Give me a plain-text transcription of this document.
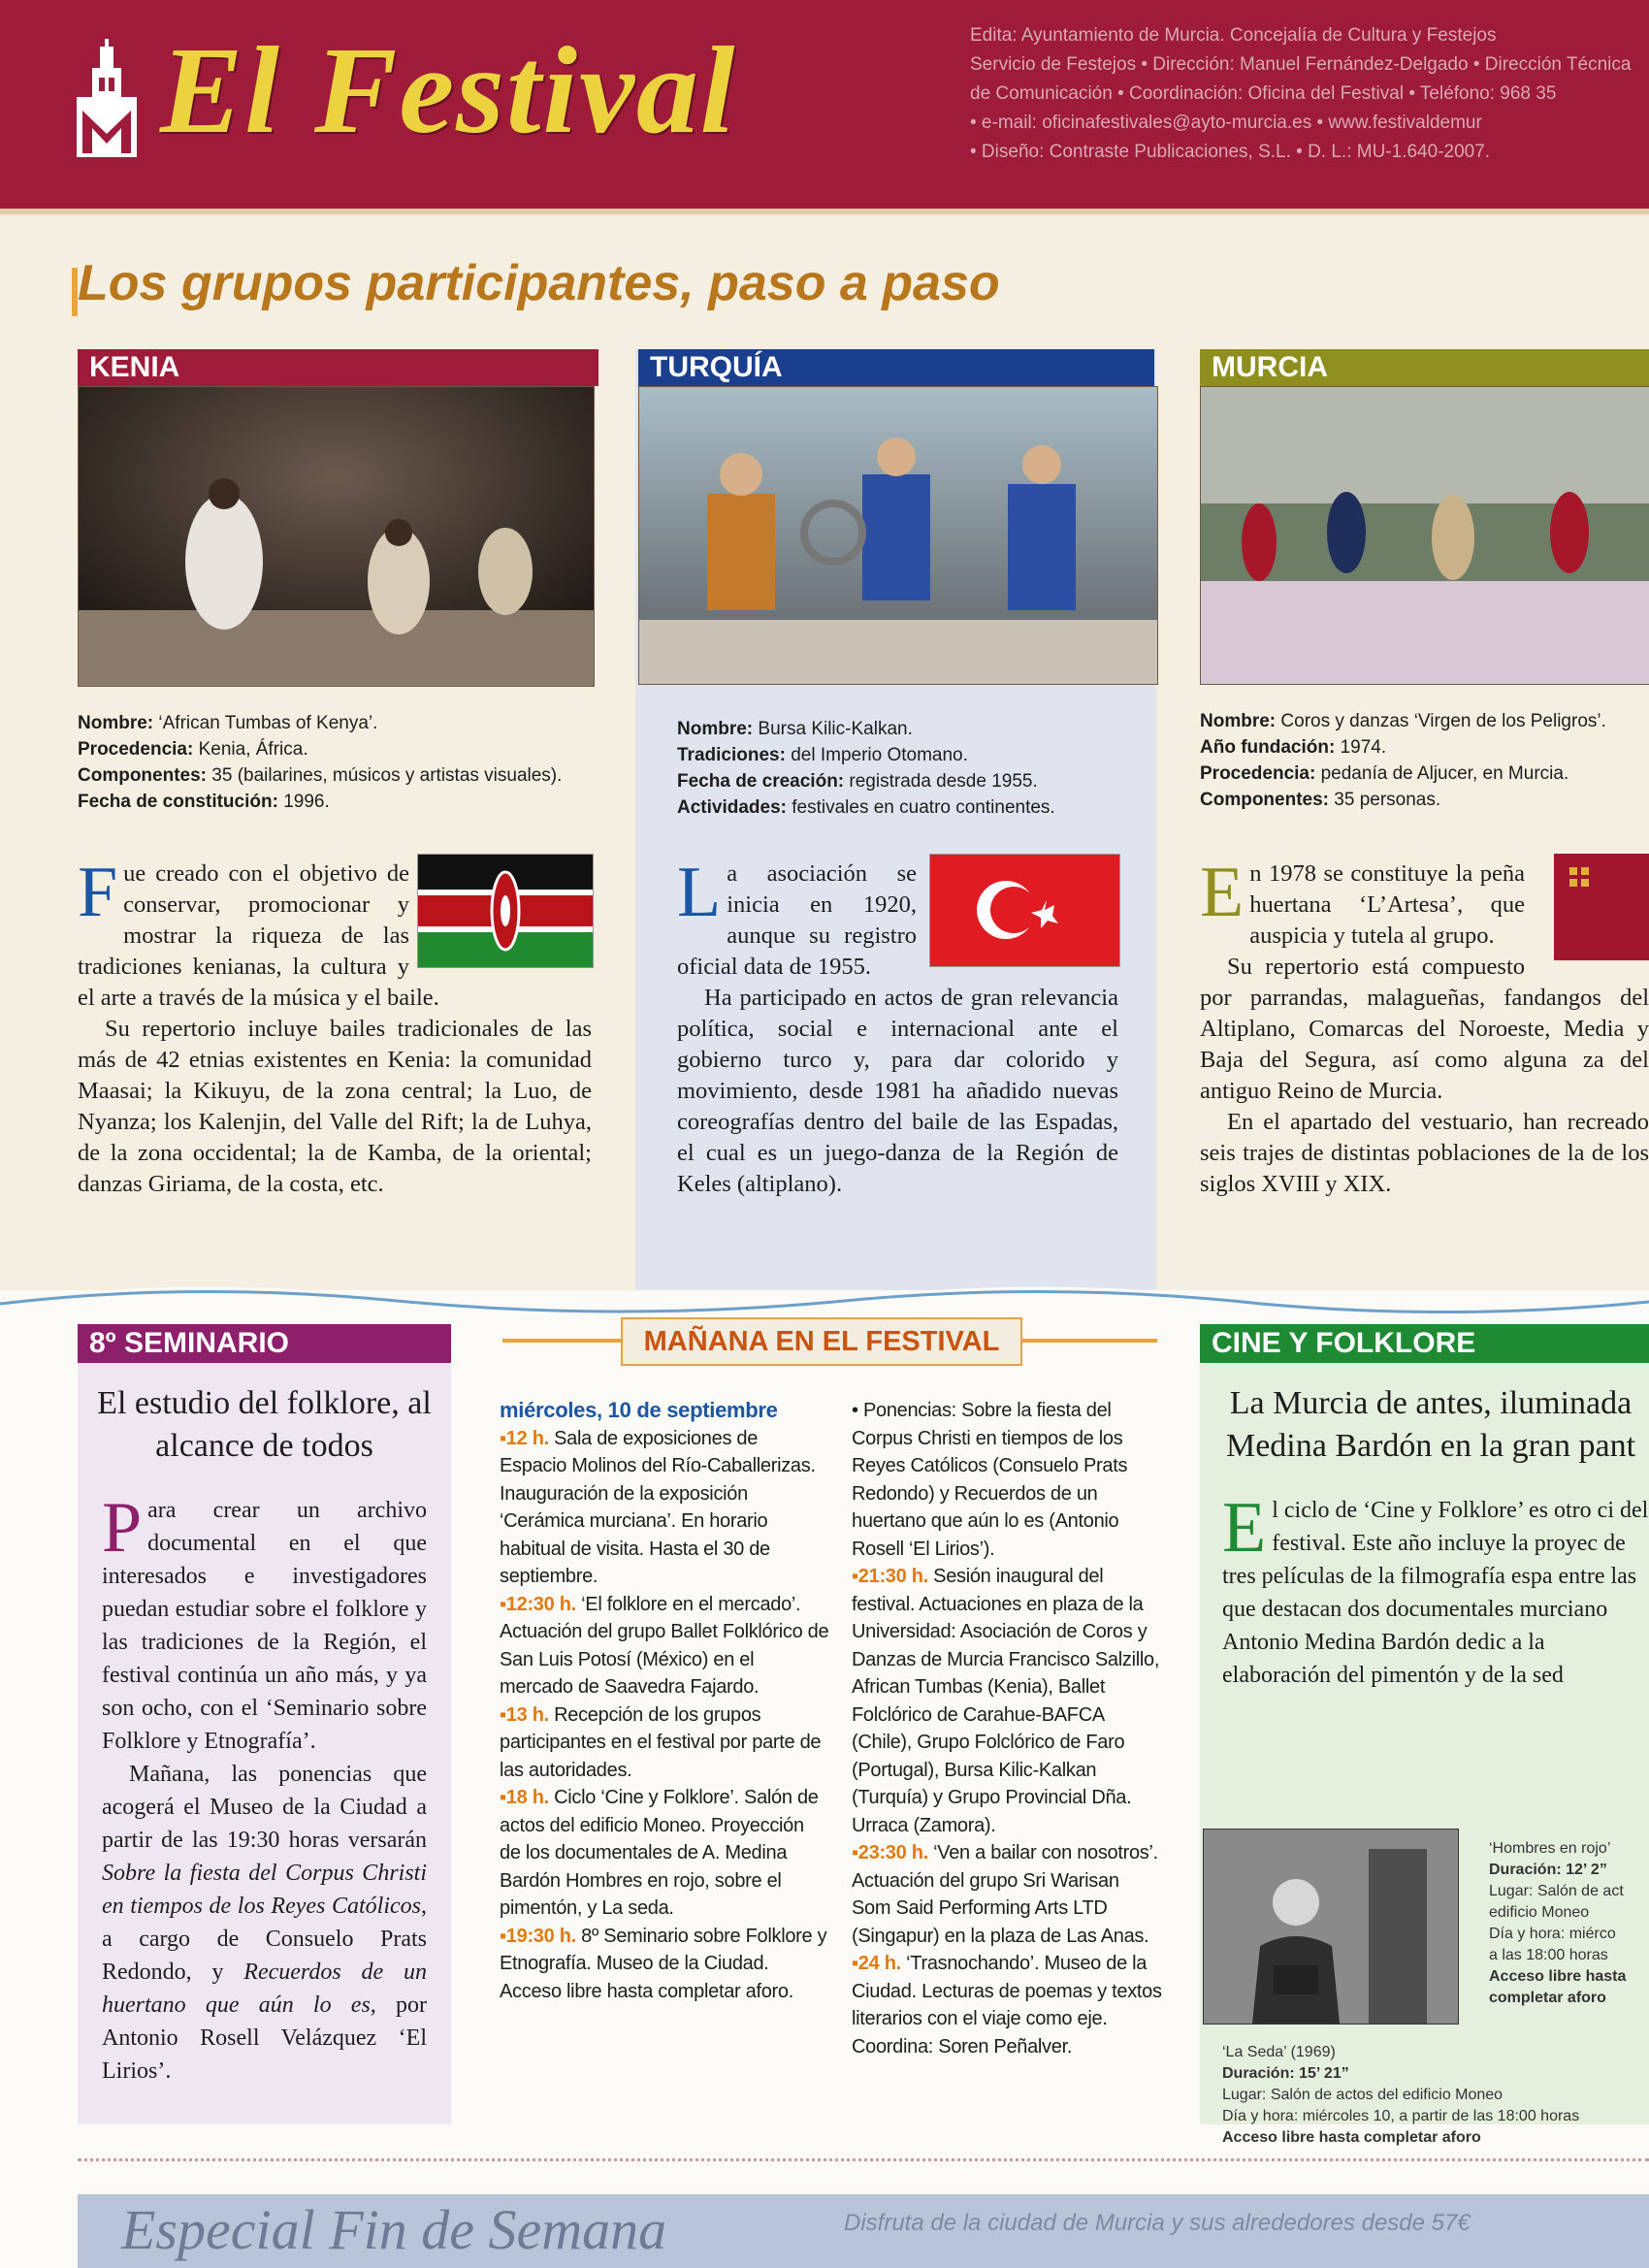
El Festival	Edita: Ayuntamiento de Murcia. Concejalía de Cultura y Festejos
Servicio de Festejos • Dirección: Manuel Fernández-Delgado • Dirección Técnica
de Comunicación • Coordinación: Oficina del Festival • Teléfono: 968 35
• e-mail: oficinafestivales@ayto-murcia.es • www.festivaldemur
• Diseño: Contraste Publicaciones, S.L. • D. L.: MU-1.640-2007.
Los grupos participantes, paso a paso
KENIA
Nombre: ‘African Tumbas of Kenya’.
Procedencia: Kenia, África.
Componentes: 35 (bailarines, músicos y artistas visuales).
Fecha de constitución: 1996.

Fue creado con el objetivo de conservar, promocionar y mostrar la riqueza de las tradiciones kenianas, la cultura y el arte a través de la música y el baile.

Su repertorio incluye bailes tradicionales de las más de 42 etnias existentes en Kenia: la comunidad Maasai; la Kikuyu, de la zona central; la Luo, de Nyanza; los Kalenjin, del Valle del Rift; la de Luhya, de la zona occidental; la de Kamba, de la oriental; danzas Giriama, de la costa, etc.

TURQUÍA
Nombre: Bursa Kilic-Kalkan.
Tradiciones: del Imperio Otomano.
Fecha de creación: registrada desde 1955.
Actividades: festivales en cuatro continentes.

La asociación se inicia en 1920, aunque su registro oficial data de 1955.

Ha participado en actos de gran relevancia política, social e internacional ante el gobierno turco y, para dar colorido y movimiento, desde 1981 ha añadido nuevas coreografías dentro del baile de las Espadas, el cual es un juego-danza de la Región de Keles (altiplano).

MURCIA
Nombre: Coros y danzas ‘Virgen de los Peligros’.
Año fundación: 1974.
Procedencia: pedanía de Aljucer, en Murcia.
Componentes: 35 personas.

En 1978 se constituye la peña huertana ‘L’Artesa’, que auspicia y tutela al grupo.

Su repertorio está compuesto por parrandas, malagueñas, fandangos del Altiplano, Comarcas del Noroeste, Media y Baja del Segura, así como alguna za del antiguo Reino de Murcia.

En el apartado del vestuario, han recreado seis trajes de distintas poblaciones de la de los siglos XVIII y XIX.

8º SEMINARIO
El estudio del folklore, al alcance de todos

Para crear un archivo documental en el que interesados e investigadores puedan estudiar sobre el folklore y las tradiciones de la Región, el festival continúa un año más, y ya son ocho, con el ‘Seminario sobre Folklore y Etnografía’.

Mañana, las ponencias que acogerá el Museo de la Ciudad a partir de las 19:30 horas versarán Sobre la fiesta del Corpus Christi en tiempos de los Reyes Católicos, a cargo de Consuelo Prats Redondo, y Recuerdos de un huertano que aún lo es, por Antonio Rosell Velázquez ‘El Lirios’.

MAÑANA EN EL FESTIVAL
miércoles, 10 de septiembre
▪12 h. Sala de exposiciones de Espacio Molinos del Río-Caballerizas. Inauguración de la exposición ‘Cerámica murciana’. En horario habitual de visita. Hasta el 30 de septiembre.
▪12:30 h. ‘El folklore en el mercado’. Actuación del grupo Ballet Folklórico de San Luis Potosí (México) en el mercado de Saavedra Fajardo.
▪13 h. Recepción de los grupos participantes en el festival por parte de las autoridades.
▪18 h. Ciclo ‘Cine y Folklore’. Salón de actos del edificio Moneo. Proyección de los documentales de A. Medina Bardón Hombres en rojo, sobre el pimentón, y La seda.
▪19:30 h. 8º Seminario sobre Folklore y Etnografía. Museo de la Ciudad. Acceso libre hasta completar aforo.
• Ponencias: Sobre la fiesta del Corpus Christi en tiempos de los Reyes Católicos (Consuelo Prats Redondo) y Recuerdos de un huertano que aún lo es (Antonio Rosell ‘El Lirios’).
▪21:30 h. Sesión inaugural del festival. Actuaciones en plaza de la Universidad: Asociación de Coros y Danzas de Murcia Francisco Salzillo, African Tumbas (Kenia), Ballet Folclórico de Carahue-BAFCA (Chile), Grupo Folclórico de Faro (Portugal), Bursa Kilic-Kalkan (Turquía) y Grupo Provincial Dña. Urraca (Zamora).
▪23:30 h. ‘Ven a bailar con nosotros’. Actuación del grupo Sri Warisan Som Said Performing Arts LTD (Singapur) en la plaza de Las Anas.
▪24 h. ‘Trasnochando’. Museo de la Ciudad. Lecturas de poemas y textos literarios con el viaje como eje. Coordina: Soren Peñalver.
CINE Y FOLKLORE
La Murcia de antes, iluminada
Medina Bardón en la gran pant

El ciclo de ‘Cine y Folklore’ es otro ci del festival. Este año incluye la proyec de tres películas de la filmografía espa entre las que destacan dos documentales murciano Antonio Medina Bardón dedic a la elaboración del pimentón y de la sed

‘Hombres en rojo’
Duración: 12’ 2”
Lugar: Salón de act
edificio Moneo
Día y hora: miérco
a las 18:00 horas
Acceso libre hasta
completar aforo
‘La Seda’ (1969)
Duración: 15’ 21”
Lugar: Salón de actos del edificio Moneo
Día y hora: miércoles 10, a partir de las 18:00 horas
Acceso libre hasta completar aforo
Especial Fin de Semana	Disfruta de la ciudad de Murcia y sus alrededores desde 57€
